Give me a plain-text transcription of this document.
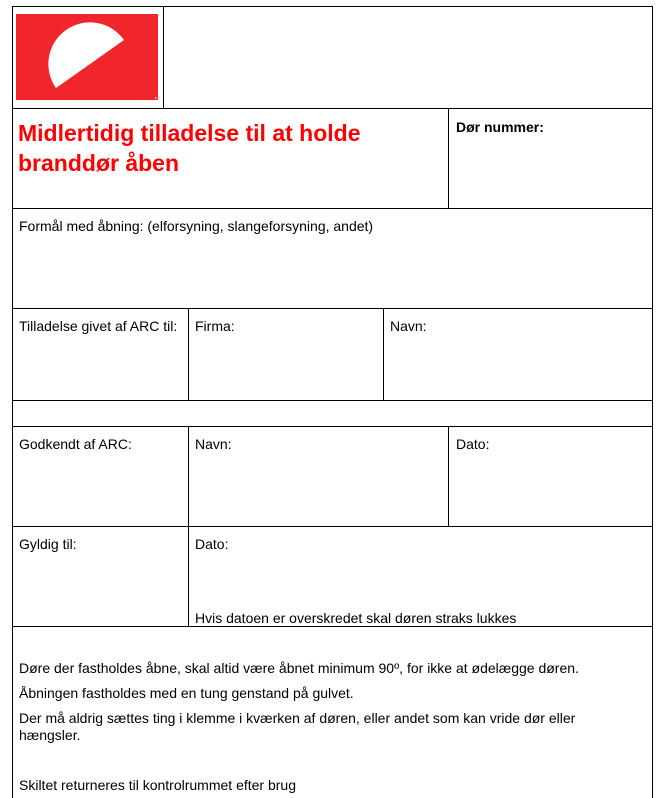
Midlertidig tilladelse til at holde
branddør åben
Dør nummer:
Formål med åbning: (elforsyning, slangeforsyning, andet)
Tilladelse givet af ARC til: Firma:	Navn:
Godkendt af ARC:	Navn:	Dato:
Gyldig til:	Dato:
Hvis datoen er overskredet skal døren straks lukkes
Døre der fastholdes åbne, skal altid være åbnet minimum 90º, for ikke at ødelægge døren.
Åbningen fastholdes med en tung genstand på gulvet.
Der må aldrig sættes ting i klemme i kværken af døren, eller andet som kan vride dør eller hængsler.
Skiltet returneres til kontrolrummet efter brug
